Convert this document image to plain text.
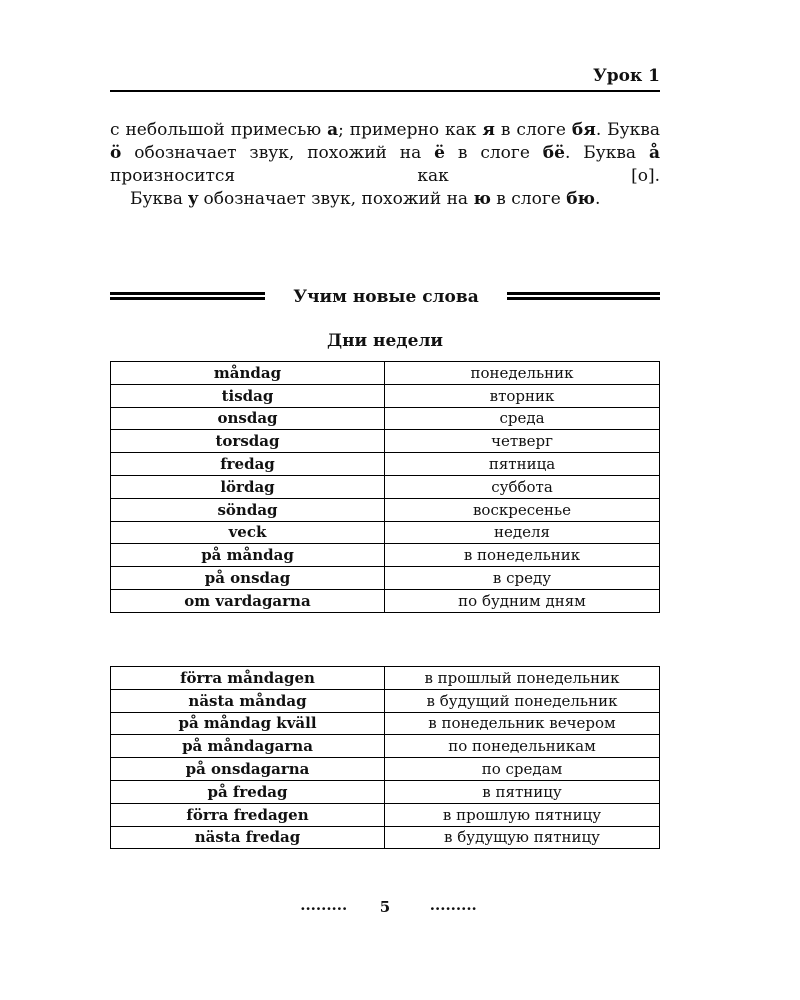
Урок 1

с небольшой примесью а; примерно как я в слоге бя. Буква ö обозначает звук, похожий на ё в слоге бё. Буква å произносится как [о].

Буква y обозначает звук, похожий на ю в слоге бю.

Учим новые слова
Дни недели
måndag	понедельник
tisdag	вторник
onsdag	среда
torsdag	четверг
fredag	пятница
lördag	суббота
söndag	воскресенье
veck	неделя
på måndag	в понедельник
på onsdag	в среду
om vardagarna	по будним дням
förra måndagen	в прошлый понедельник
nästa måndag	в будущий понедельник
på måndag kväll	в понедельник вечером
på måndagarna	по понедельникам
på onsdagarna	по средам
på fredag	в пятницу
förra fredagen	в прошлую пятницу
nästa fredag	в будущую пятницу
......... 5	.........
